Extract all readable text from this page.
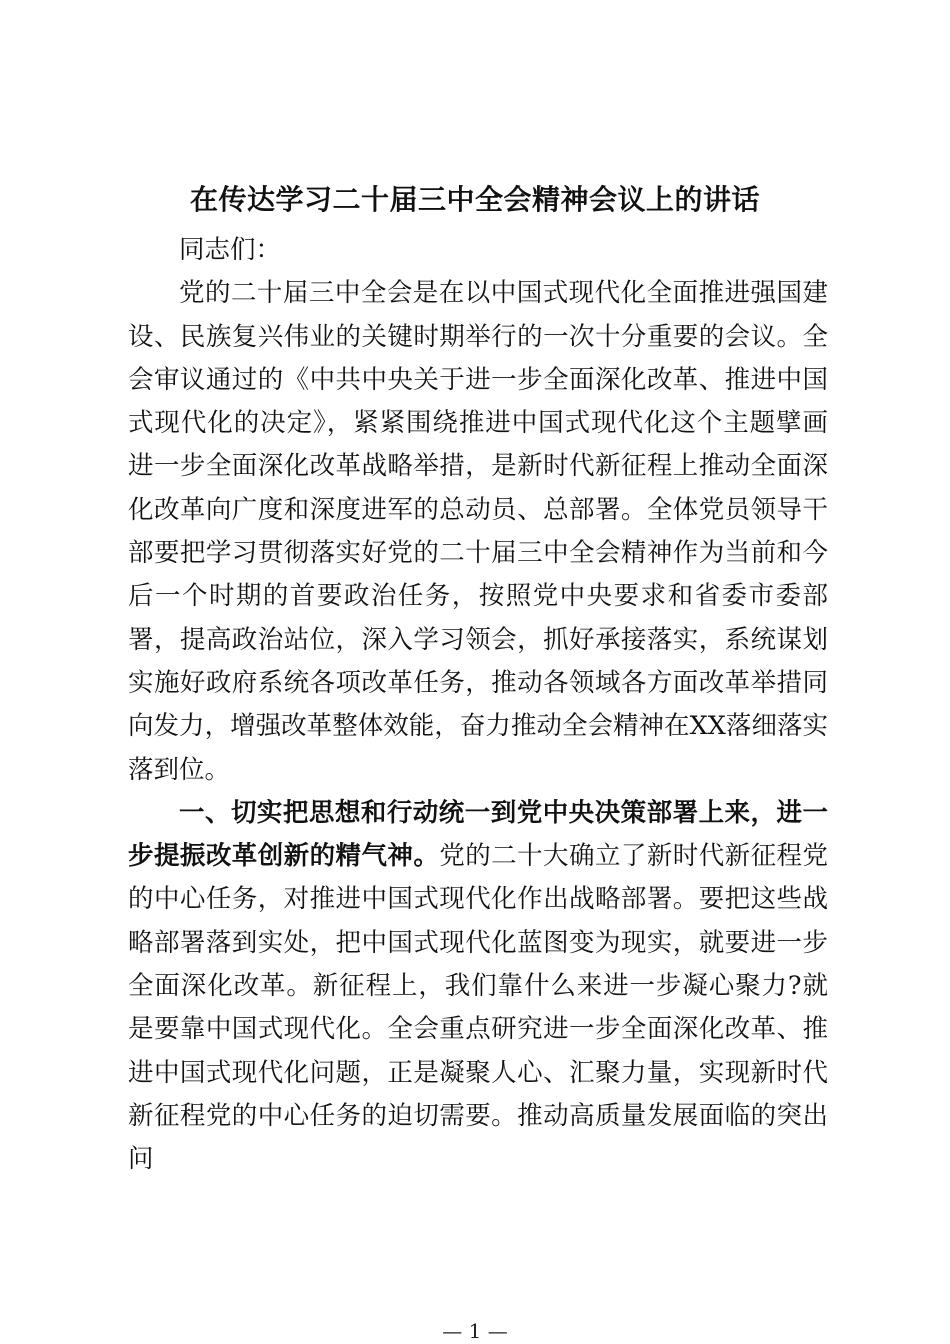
在传达学习二十届三中全会精神会议上的讲话

同志们：

党的二十届三中全会是在以中国式现代化全面推进强国建设、民族复兴伟业的关键时期举行的一次十分重要的会议。全会审议通过的《中共中央关于进一步全面深化改革、推进中国式现代化的决定》，紧紧围绕推进中国式现代化这个主题擘画进一步全面深化改革战略举措，是新时代新征程上推动全面深化改革向广度和深度进军的总动员、总部署。全体党员领导干部要把学习贯彻落实好党的二十届三中全会精神作为当前和今后一个时期的首要政治任务，按照党中央要求和省委市委部署，提高政治站位，深入学习领会，抓好承接落实，系统谋划实施好政府系统各项改革任务，推动各领域各方面改革举措同向发力，增强改革整体效能，奋力推动全会精神在XX落细落实落到位。

一、切实把思想和行动统一到党中央决策部署上来，进一步提振改革创新的精气神。党的二十大确立了新时代新征程党的中心任务，对推进中国式现代化作出战略部署。要把这些战略部署落到实处，把中国式现代化蓝图变为现实，就要进一步全面深化改革。新征程上，我们靠什么来进一步凝心聚力?就是要靠中国式现代化。全会重点研究进一步全面深化改革、推进中国式现代化问题，正是凝聚人心、汇聚力量，实现新时代新征程党的中心任务的迫切需要。推动高质量发展面临的突出问

— 1 —
